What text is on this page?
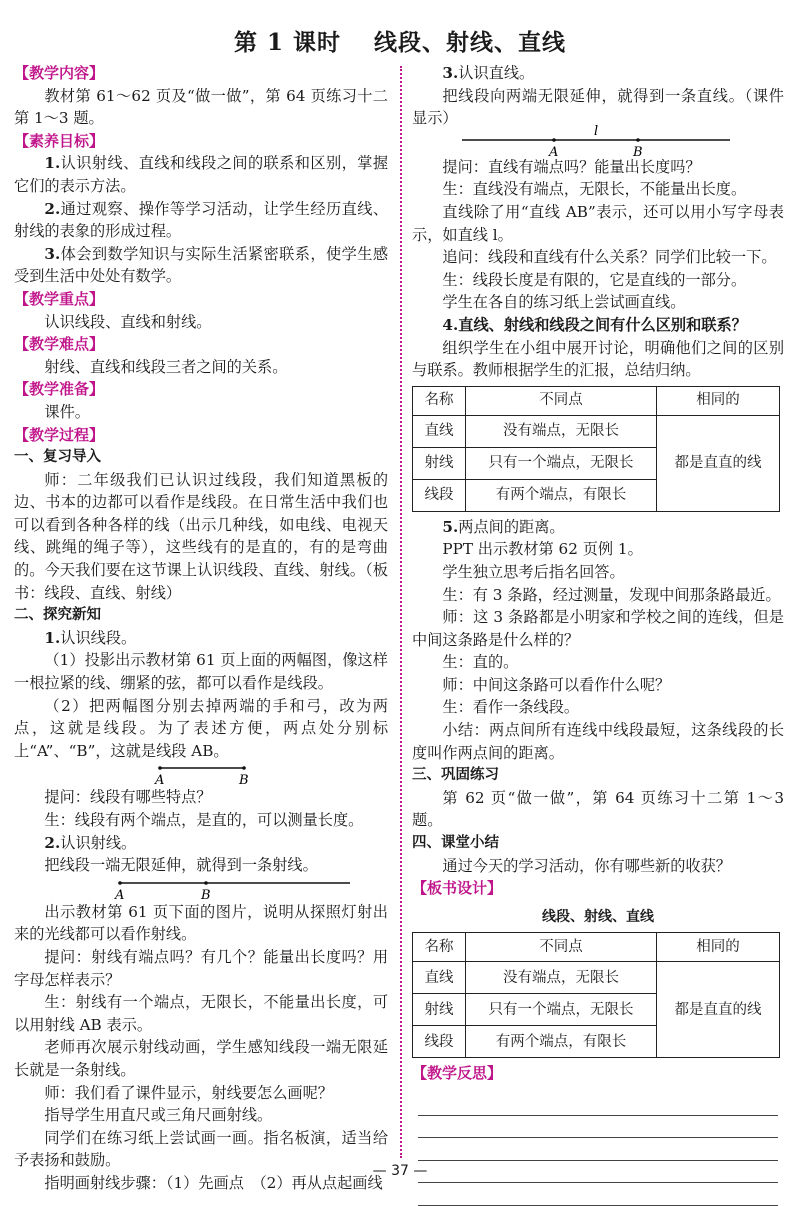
第 1 课时　 线段、射线、直线
【教学内容】
教材第 61～62 页及“做一做”，第 64 页练习十二第 1～3 题。
【素养目标】
1.认识射线、直线和线段之间的联系和区别，掌握它们的表示方法。
2.通过观察、操作等学习活动，让学生经历直线、射线的表象的形成过程。
3.体会到数学知识与实际生活紧密联系，使学生感受到生活中处处有数学。
【教学重点】
认识线段、直线和射线。
【教学难点】
射线、直线和线段三者之间的关系。
【教学准备】
课件。
【教学过程】
一、复习导入
师：二年级我们已认识过线段，我们知道黑板的边、书本的边都可以看作是线段。在日常生活中我们也可以看到各种各样的线（出示几种线，如电线、电视天线、跳绳的绳子等），这些线有的是直的，有的是弯曲的。今天我们要在这节课上认识线段、直线、射线。（板书：线段、直线、射线）
二、探究新知
1.认识线段。
（1）投影出示教材第 61 页上面的两幅图，像这样一根拉紧的线、绷紧的弦，都可以看作是线段。
（2）把两幅图分别去掉两端的手和弓，改为两点，这就是线段。为了表述方便，两点处分别标上“A”、“B”，这就是线段 AB。
A	B
提问：线段有哪些特点？
生：线段有两个端点，是直的，可以测量长度。
2.认识射线。
把线段一端无限延伸，就得到一条射线。
A	B
出示教材第 61 页下面的图片，说明从探照灯射出来的光线都可以看作射线。
提问：射线有端点吗？有几个？能量出长度吗？用字母怎样表示？
生：射线有一个端点，无限长，不能量出长度，可以用射线 AB 表示。
老师再次展示射线动画，学生感知线段一端无限延长就是一条射线。
师：我们看了课件显示，射线要怎么画呢？
指导学生用直尺或三角尺画射线。
同学们在练习纸上尝试画一画。指名板演，适当给予表扬和鼓励。
指明画射线步骤：（1）先画点　（2）再从点起画线
3.认识直线。
把线段向两端无限延伸，就得到一条直线。（课件显示）
l
A	B
提问：直线有端点吗？能量出长度吗？
生：直线没有端点，无限长，不能量出长度。
直线除了用“直线 AB”表示，还可以用小写字母表示，如直线 l。
追问：线段和直线有什么关系？同学们比较一下。
生：线段长度是有限的，它是直线的一部分。
学生在各自的练习纸上尝试画直线。
4.直线、射线和线段之间有什么区别和联系？
组织学生在小组中展开讨论，明确他们之间的区别与联系。教师根据学生的汇报，总结归纳。
名称	不同点	相同的
直线	没有端点，无限长	都是直直的线
射线	只有一个端点，无限长	
线段	有两个端点，有限长	
5.两点间的距离。
PPT 出示教材第 62 页例 1。
学生独立思考后指名回答。
生：有 3 条路，经过测量，发现中间那条路最近。
师：这 3 条路都是小明家和学校之间的连线，但是中间这条路是什么样的？
生：直的。
师：中间这条路可以看作什么呢？
生：看作一条线段。
小结：两点间所有连线中线段最短，这条线段的长度叫作两点间的距离。
三、巩固练习
第 62 页“做一做”，第 64 页练习十二第 1～3 题。
四、课堂小结
通过今天的学习活动，你有哪些新的收获？
【板书设计】
线段、射线、直线
名称	不同点	相同的
直线	没有端点，无限长	都是直直的线
射线	只有一个端点，无限长	
线段	有两个端点，有限长	
【教学反思】
— 37 —
